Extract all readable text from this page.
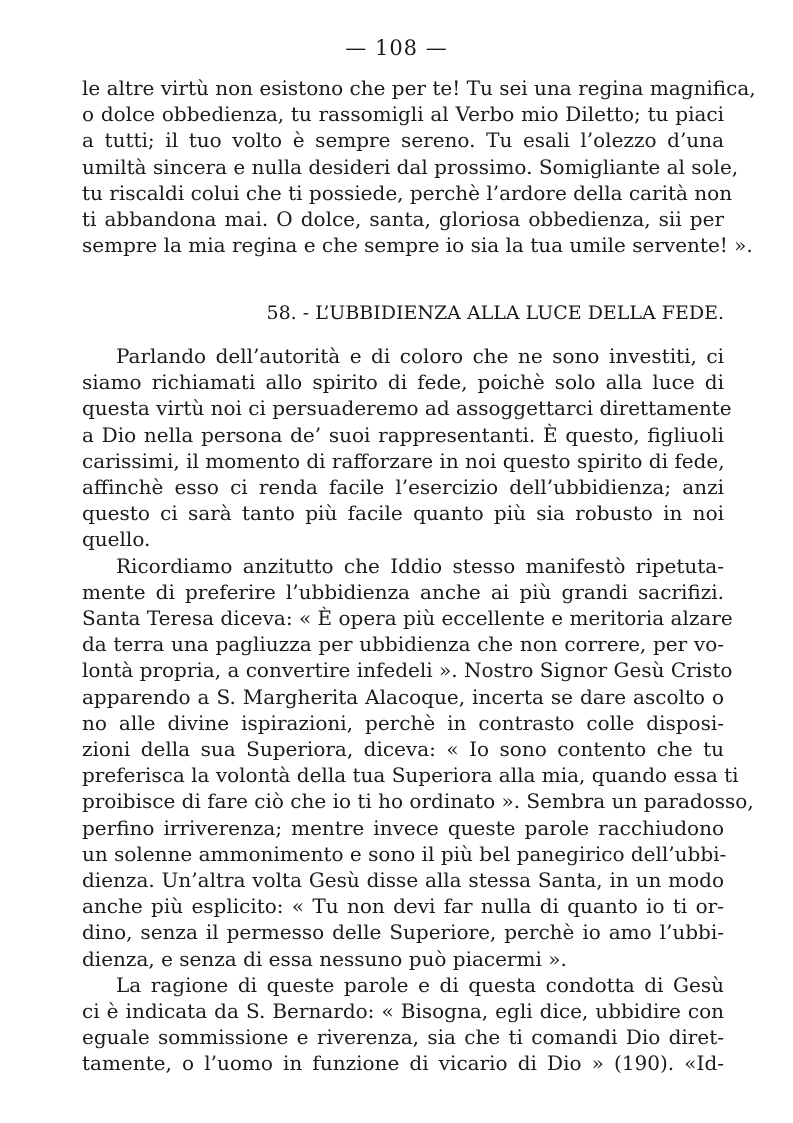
— 108 —
le altre virtù non esistono che per te! Tu sei una regina magnifica,
o dolce obbedienza, tu rassomigli al Verbo mio Diletto; tu piaci
a tutti; il tuo volto è sempre sereno. Tu esali l’olezzo d’una
umiltà sincera e nulla desideri dal prossimo. Somigliante al sole,
tu riscaldi colui che ti possiede, perchè l’ardore della carità non
ti abbandona mai. O dolce, santa, gloriosa obbedienza, sii per
sempre la mia regina e che sempre io sia la tua umile servente! ».
58. - L’UBBIDIENZA ALLA LUCE DELLA FEDE.
Parlando dell’autorità e di coloro che ne sono investiti, ci
siamo richiamati allo spirito di fede, poichè solo alla luce di
questa virtù noi ci persuaderemo ad assoggettarci direttamente
a Dio nella persona de’ suoi rappresentanti. È questo, figliuoli
carissimi, il momento di rafforzare in noi questo spirito di fede,
affinchè esso ci renda facile l’esercizio dell’ubbidienza; anzi
questo ci sarà tanto più facile quanto più sia robusto in noi
quello.
Ricordiamo anzitutto che Iddio stesso manifestò ripetuta-
mente di preferire l’ubbidienza anche ai più grandi sacrifizi.
Santa Teresa diceva: « È opera più eccellente e meritoria alzare
da terra una pagliuzza per ubbidienza che non correre, per vo-
lontà propria, a convertire infedeli ». Nostro Signor Gesù Cristo
apparendo a S. Margherita Alacoque, incerta se dare ascolto o
no alle divine ispirazioni, perchè in contrasto colle disposi-
zioni della sua Superiora, diceva: « Io sono contento che tu
preferisca la volontà della tua Superiora alla mia, quando essa ti
proibisce di fare ciò che io ti ho ordinato ». Sembra un paradosso,
perfino irriverenza; mentre invece queste parole racchiudono
un solenne ammonimento e sono il più bel panegirico dell’ubbi-
dienza. Un’altra volta Gesù disse alla stessa Santa, in un modo
anche più esplicito: « Tu non devi far nulla di quanto io ti or-
dino, senza il permesso delle Superiore, perchè io amo l’ubbi-
dienza, e senza di essa nessuno può piacermi ».
La ragione di queste parole e di questa condotta di Gesù
ci è indicata da S. Bernardo: « Bisogna, egli dice, ubbidire con
eguale sommissione e riverenza, sia che ti comandi Dio diret-
tamente, o l’uomo in funzione di vicario di Dio » (190). «Id-
